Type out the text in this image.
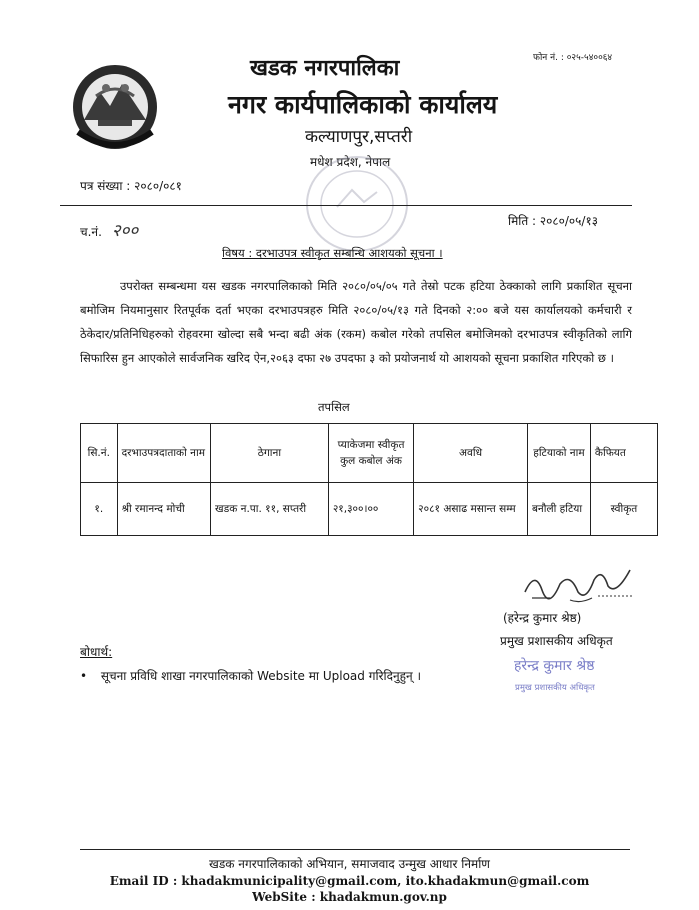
फोन नं. : ०२५-५४००६४
खडक नगरपालिका
नगर कार्यपालिकाको कार्यालय
कल्याणपुर,सप्तरी
मधेश प्रदेश, नेपाल
पत्र संख्या : २०८०/०८१
च.नं. २००	मिति : २०८०/०५/१३
विषय : दरभाउपत्र स्वीकृत सम्बन्धि आशयको सूचना ।
उपरोक्त सम्बन्धमा यस खडक नगरपालिकाको मिति २०८०/०५/०५ गते तेस्रो पटक हटिया ठेक्काको लागि प्रकाशित सूचना बमोजिम नियमानुसार रितपूर्वक दर्ता भएका दरभाउपत्रहरु मिति २०८०/०५/१३ गते दिनको २:०० बजे यस कार्यालयको कर्मचारी र ठेकेदार/प्रतिनिधिहरुको रोहवरमा खोल्दा सबै भन्दा बढी अंक (रकम) कबोल गरेको तपसिल बमोजिमको दरभाउपत्र स्वीकृतिको लागि सिफारिस हुन आएकोले सार्वजनिक खरिद ऐन,२०६३ दफा २७ उपदफा ३ को प्रयोजनार्थ यो आशयको सूचना प्रकाशित गरिएको छ ।
तपसिल
सि.नं.	दरभाउपत्रदाताको नाम	ठेगाना	प्याकेजमा स्वीकृत कुल कबोल अंक	अवधि	हटियाको नाम	कैफियत
१.	श्री रमानन्द मोची	खडक न.पा. ११, सप्तरी	२१,३००।००	२०८१ असाढ मसान्त सम्म	बनौली हटिया	स्वीकृत
(हरेन्द्र कुमार श्रेष्ठ)
प्रमुख प्रशासकीय अधिकृत
हरेन्द्र कुमार श्रेष्ठ
प्रमुख प्रशासकीय अधिकृत
बोधार्थ:
• सूचना प्रविधि शाखा नगरपालिकाको Website मा Upload गरिदिनुहुन् ।
खडक नगरपालिकाको अभियान, समाजवाद उन्मुख आधार निर्माण
Email ID : khadakmunicipality@gmail.com, ito.khadakmun@gmail.com
WebSite : khadakmun.gov.np
